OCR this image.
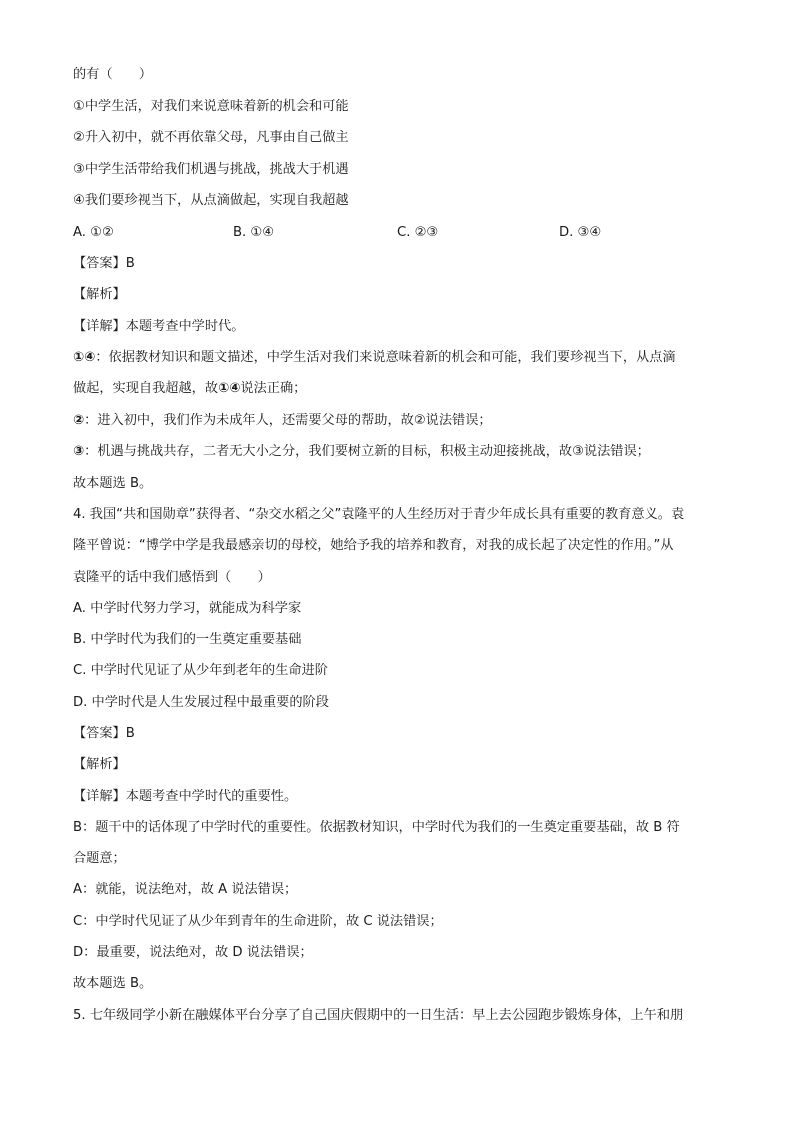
的有（　　）
①中学生活，对我们来说意味着新的机会和可能
②升入初中，就不再依靠父母，凡事由自己做主
③中学生活带给我们机遇与挑战，挑战大于机遇
④我们要珍视当下，从点滴做起，实现自我超越
A. ①②	B. ①④	C. ②③	D. ③④
【答案】B
【解析】
【详解】本题考查中学时代。
①④：依据教材知识和题文描述，中学生活对我们来说意味着新的机会和可能，我们要珍视当下，从点滴
做起，实现自我超越，故①④说法正确；
②：进入初中，我们作为未成年人，还需要父母的帮助，故②说法错误；
③：机遇与挑战共存，二者无大小之分，我们要树立新的目标，积极主动迎接挑战，故③说法错误；
故本题选 B。
4. 我国“共和国勋章”获得者、“杂交水稻之父”袁隆平的人生经历对于青少年成长具有重要的教育意义。袁
隆平曾说：“博学中学是我最感亲切的母校，她给予我的培养和教育，对我的成长起了决定性的作用。”从
袁隆平的话中我们感悟到（　　）
A. 中学时代努力学习，就能成为科学家
B. 中学时代为我们的一生奠定重要基础
C. 中学时代见证了从少年到老年的生命进阶
D. 中学时代是人生发展过程中最重要的阶段
【答案】B
【解析】
【详解】本题考查中学时代的重要性。
B：题干中的话体现了中学时代的重要性。依据教材知识，中学时代为我们的一生奠定重要基础，故 B 符
合题意；
A：就能，说法绝对，故 A 说法错误；
C：中学时代见证了从少年到青年的生命进阶，故 C 说法错误；
D：最重要，说法绝对，故 D 说法错误；
故本题选 B。
5. 七年级同学小新在融媒体平台分享了自己国庆假期中的一日生活：早上去公园跑步锻炼身体，上午和朋
